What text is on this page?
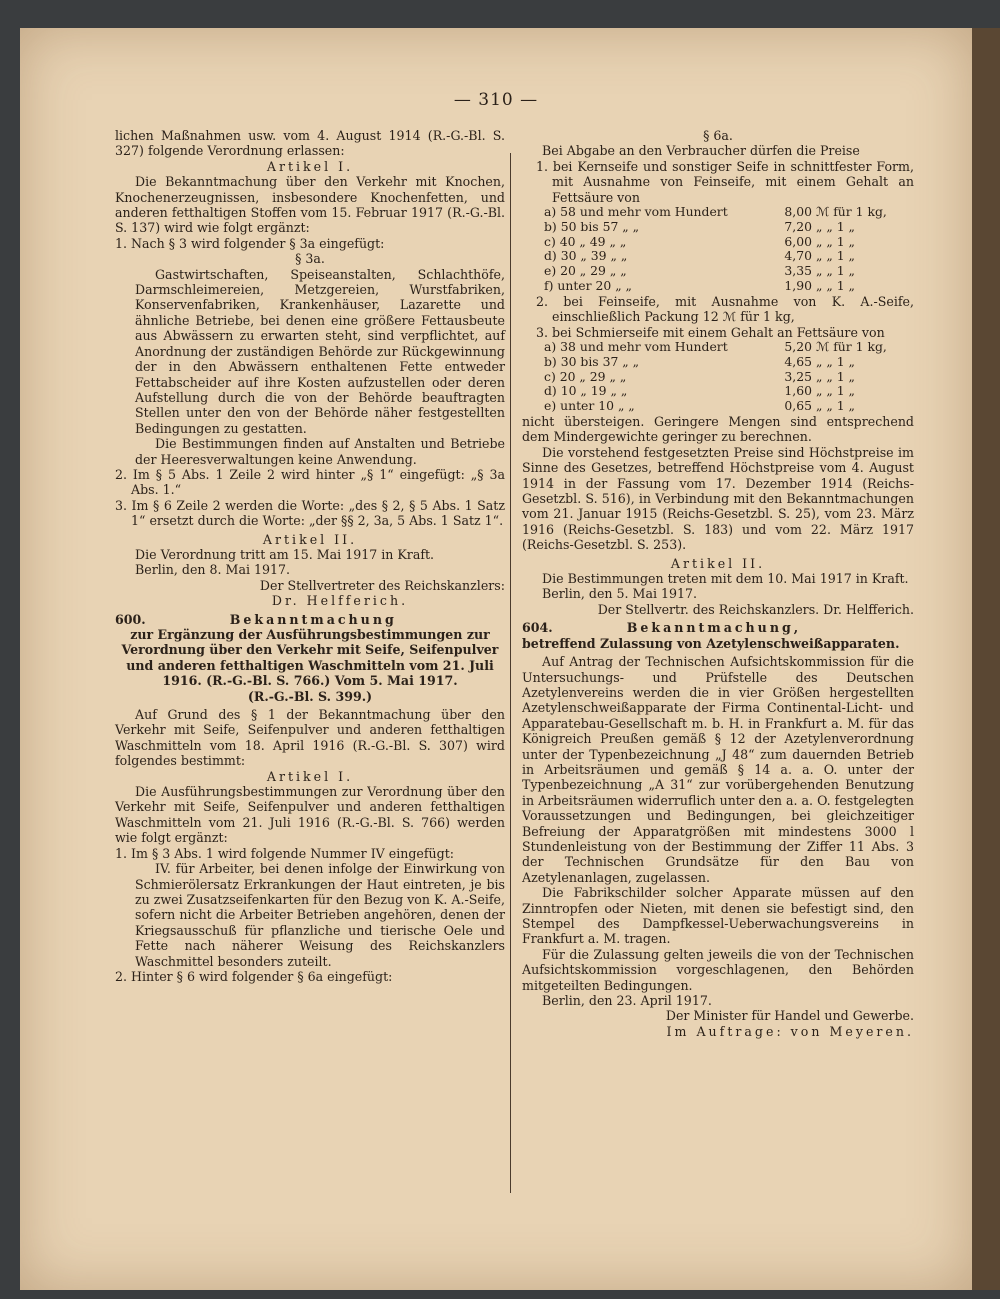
— 310 —

lichen Maßnahmen usw. vom 4. August 1914 (R.-G.-Bl. S. 327) folgende Verordnung erlassen:

Artikel I.

Die Bekanntmachung über den Verkehr mit Knochen, Knochenerzeugnissen, insbesondere Knochenfetten, und anderen fetthaltigen Stoffen vom 15. Februar 1917 (R.-G.-Bl. S. 137) wird wie folgt ergänzt:

1. Nach § 3 wird folgender § 3a eingefügt:

§ 3a.

Gastwirtschaften, Speiseanstalten, Schlachthöfe, Darmschleimereien, Metzgereien, Wurstfabriken, Konservenfabriken, Krankenhäuser, Lazarette und ähnliche Betriebe, bei denen eine größere Fettausbeute aus Abwässern zu erwarten steht, sind verpflichtet, auf Anordnung der zuständigen Behörde zur Rückgewinnung der in den Abwässern enthaltenen Fette entweder Fettabscheider auf ihre Kosten aufzustellen oder deren Aufstellung durch die von der Behörde beauftragten Stellen unter den von der Behörde näher festgestellten Bedingungen zu gestatten.

Die Bestimmungen finden auf Anstalten und Betriebe der Heeresverwaltungen keine Anwendung.

2. Im § 5 Abs. 1 Zeile 2 wird hinter „§ 1“ eingefügt: „§ 3a Abs. 1.“

3. Im § 6 Zeile 2 werden die Worte: „des § 2, § 5 Abs. 1 Satz 1“ ersetzt durch die Worte: „der §§ 2, 3a, 5 Abs. 1 Satz 1“.

Artikel II.

Die Verordnung tritt am 15. Mai 1917 in Kraft.

Berlin, den 8. Mai 1917.

Der Stellvertreter des Reichskanzlers:

Dr. Helfferich.

600.	Bekanntmachung

zur Ergänzung der Ausführungsbestimmungen zur Verordnung über den Verkehr mit Seife, Seifenpulver und anderen fetthaltigen Waschmitteln vom 21. Juli 1916. (R.-G.-Bl. S. 766.) Vom 5. Mai 1917.

(R.-G.-Bl. S. 399.)

Auf Grund des § 1 der Bekanntmachung über den Verkehr mit Seife, Seifenpulver und anderen fetthaltigen Waschmitteln vom 18. April 1916 (R.-G.-Bl. S. 307) wird folgendes bestimmt:

Artikel I.

Die Ausführungsbestimmungen zur Verordnung über den Verkehr mit Seife, Seifenpulver und anderen fetthaltigen Waschmitteln vom 21. Juli 1916 (R.-G.-Bl. S. 766) werden wie folgt ergänzt:

1. Im § 3 Abs. 1 wird folgende Nummer IV eingefügt:

IV. für Arbeiter, bei denen infolge der Einwirkung von Schmierölersatz Erkrankungen der Haut eintreten, je bis zu zwei Zusatzseifenkarten für den Bezug von K. A.-Seife, sofern nicht die Arbeiter Betrieben angehören, denen der Kriegsausschuß für pflanzliche und tierische Oele und Fette nach näherer Weisung des Reichskanzlers Waschmittel besonders zuteilt.

2. Hinter § 6 wird folgender § 6a eingefügt:

§ 6a.

Bei Abgabe an den Verbraucher dürfen die Preise

1. bei Kernseife und sonstiger Seife in schnittfester Form, mit Ausnahme von Feinseife, mit einem Gehalt an Fettsäure von

a) 58 und mehr vom Hundert	8,00	ℳ für 1 kg,
b) 50 bis 57 „ „	7,20	„ „ 1 „
c) 40 „ 49 „ „	6,00	„ „ 1 „
d) 30 „ 39 „ „	4,70	„ „ 1 „
e) 20 „ 29 „ „	3,35	„ „ 1 „
f) unter 20 „ „	1,90	„ „ 1 „

2. bei Feinseife, mit Ausnahme von K. A.-Seife, einschließlich Packung 12 ℳ für 1 kg,

3. bei Schmierseife mit einem Gehalt an Fettsäure von

a) 38 und mehr vom Hundert	5,20	ℳ für 1 kg,
b) 30 bis 37 „ „	4,65	„ „ 1 „
c) 20 „ 29 „ „	3,25	„ „ 1 „
d) 10 „ 19 „ „	1,60	„ „ 1 „
e) unter 10 „ „	0,65	„ „ 1 „

nicht übersteigen. Geringere Mengen sind entsprechend dem Mindergewichte geringer zu berechnen.

Die vorstehend festgesetzten Preise sind Höchstpreise im Sinne des Gesetzes, betreffend Höchstpreise vom 4. August 1914 in der Fassung vom 17. Dezember 1914 (Reichs-Gesetzbl. S. 516), in Verbindung mit den Bekanntmachungen vom 21. Januar 1915 (Reichs-Gesetzbl. S. 25), vom 23. März 1916 (Reichs-Gesetzbl. S. 183) und vom 22. März 1917 (Reichs-Gesetzbl. S. 253).

Artikel II.

Die Bestimmungen treten mit dem 10. Mai 1917 in Kraft.

Berlin, den 5. Mai 1917.

Der Stellvertr. des Reichskanzlers. Dr. Helfferich.

604.	Bekanntmachung,

betreffend Zulassung von Azetylenschweißapparaten.

Auf Antrag der Technischen Aufsichtskommission für die Untersuchungs- und Prüfstelle des Deutschen Azetylenvereins werden die in vier Größen hergestellten Azetylenschweißapparate der Firma Continental-Licht- und Apparatebau-Gesellschaft m. b. H. in Frankfurt a. M. für das Königreich Preußen gemäß § 12 der Azetylenverordnung unter der Typenbezeichnung „J 48“ zum dauernden Betrieb in Arbeitsräumen und gemäß § 14 a. a. O. unter der Typenbezeichnung „A 31“ zur vorübergehenden Benutzung in Arbeitsräumen widerruflich unter den a. a. O. festgelegten Voraussetzungen und Bedingungen, bei gleichzeitiger Befreiung der Apparatgrößen mit mindestens 3000 l Stundenleistung von der Bestimmung der Ziffer 11 Abs. 3 der Technischen Grundsätze für den Bau von Azetylenanlagen, zugelassen.

Die Fabrikschilder solcher Apparate müssen auf den Zinntropfen oder Nieten, mit denen sie befestigt sind, den Stempel des Dampfkessel-Ueberwachungsvereins in Frankfurt a. M. tragen.

Für die Zulassung gelten jeweils die von der Technischen Aufsichtskommission vorgeschlagenen, den Behörden mitgeteilten Bedingungen.

Berlin, den 23. April 1917.

Der Minister für Handel und Gewerbe.

Im Auftrage: von Meyeren.
